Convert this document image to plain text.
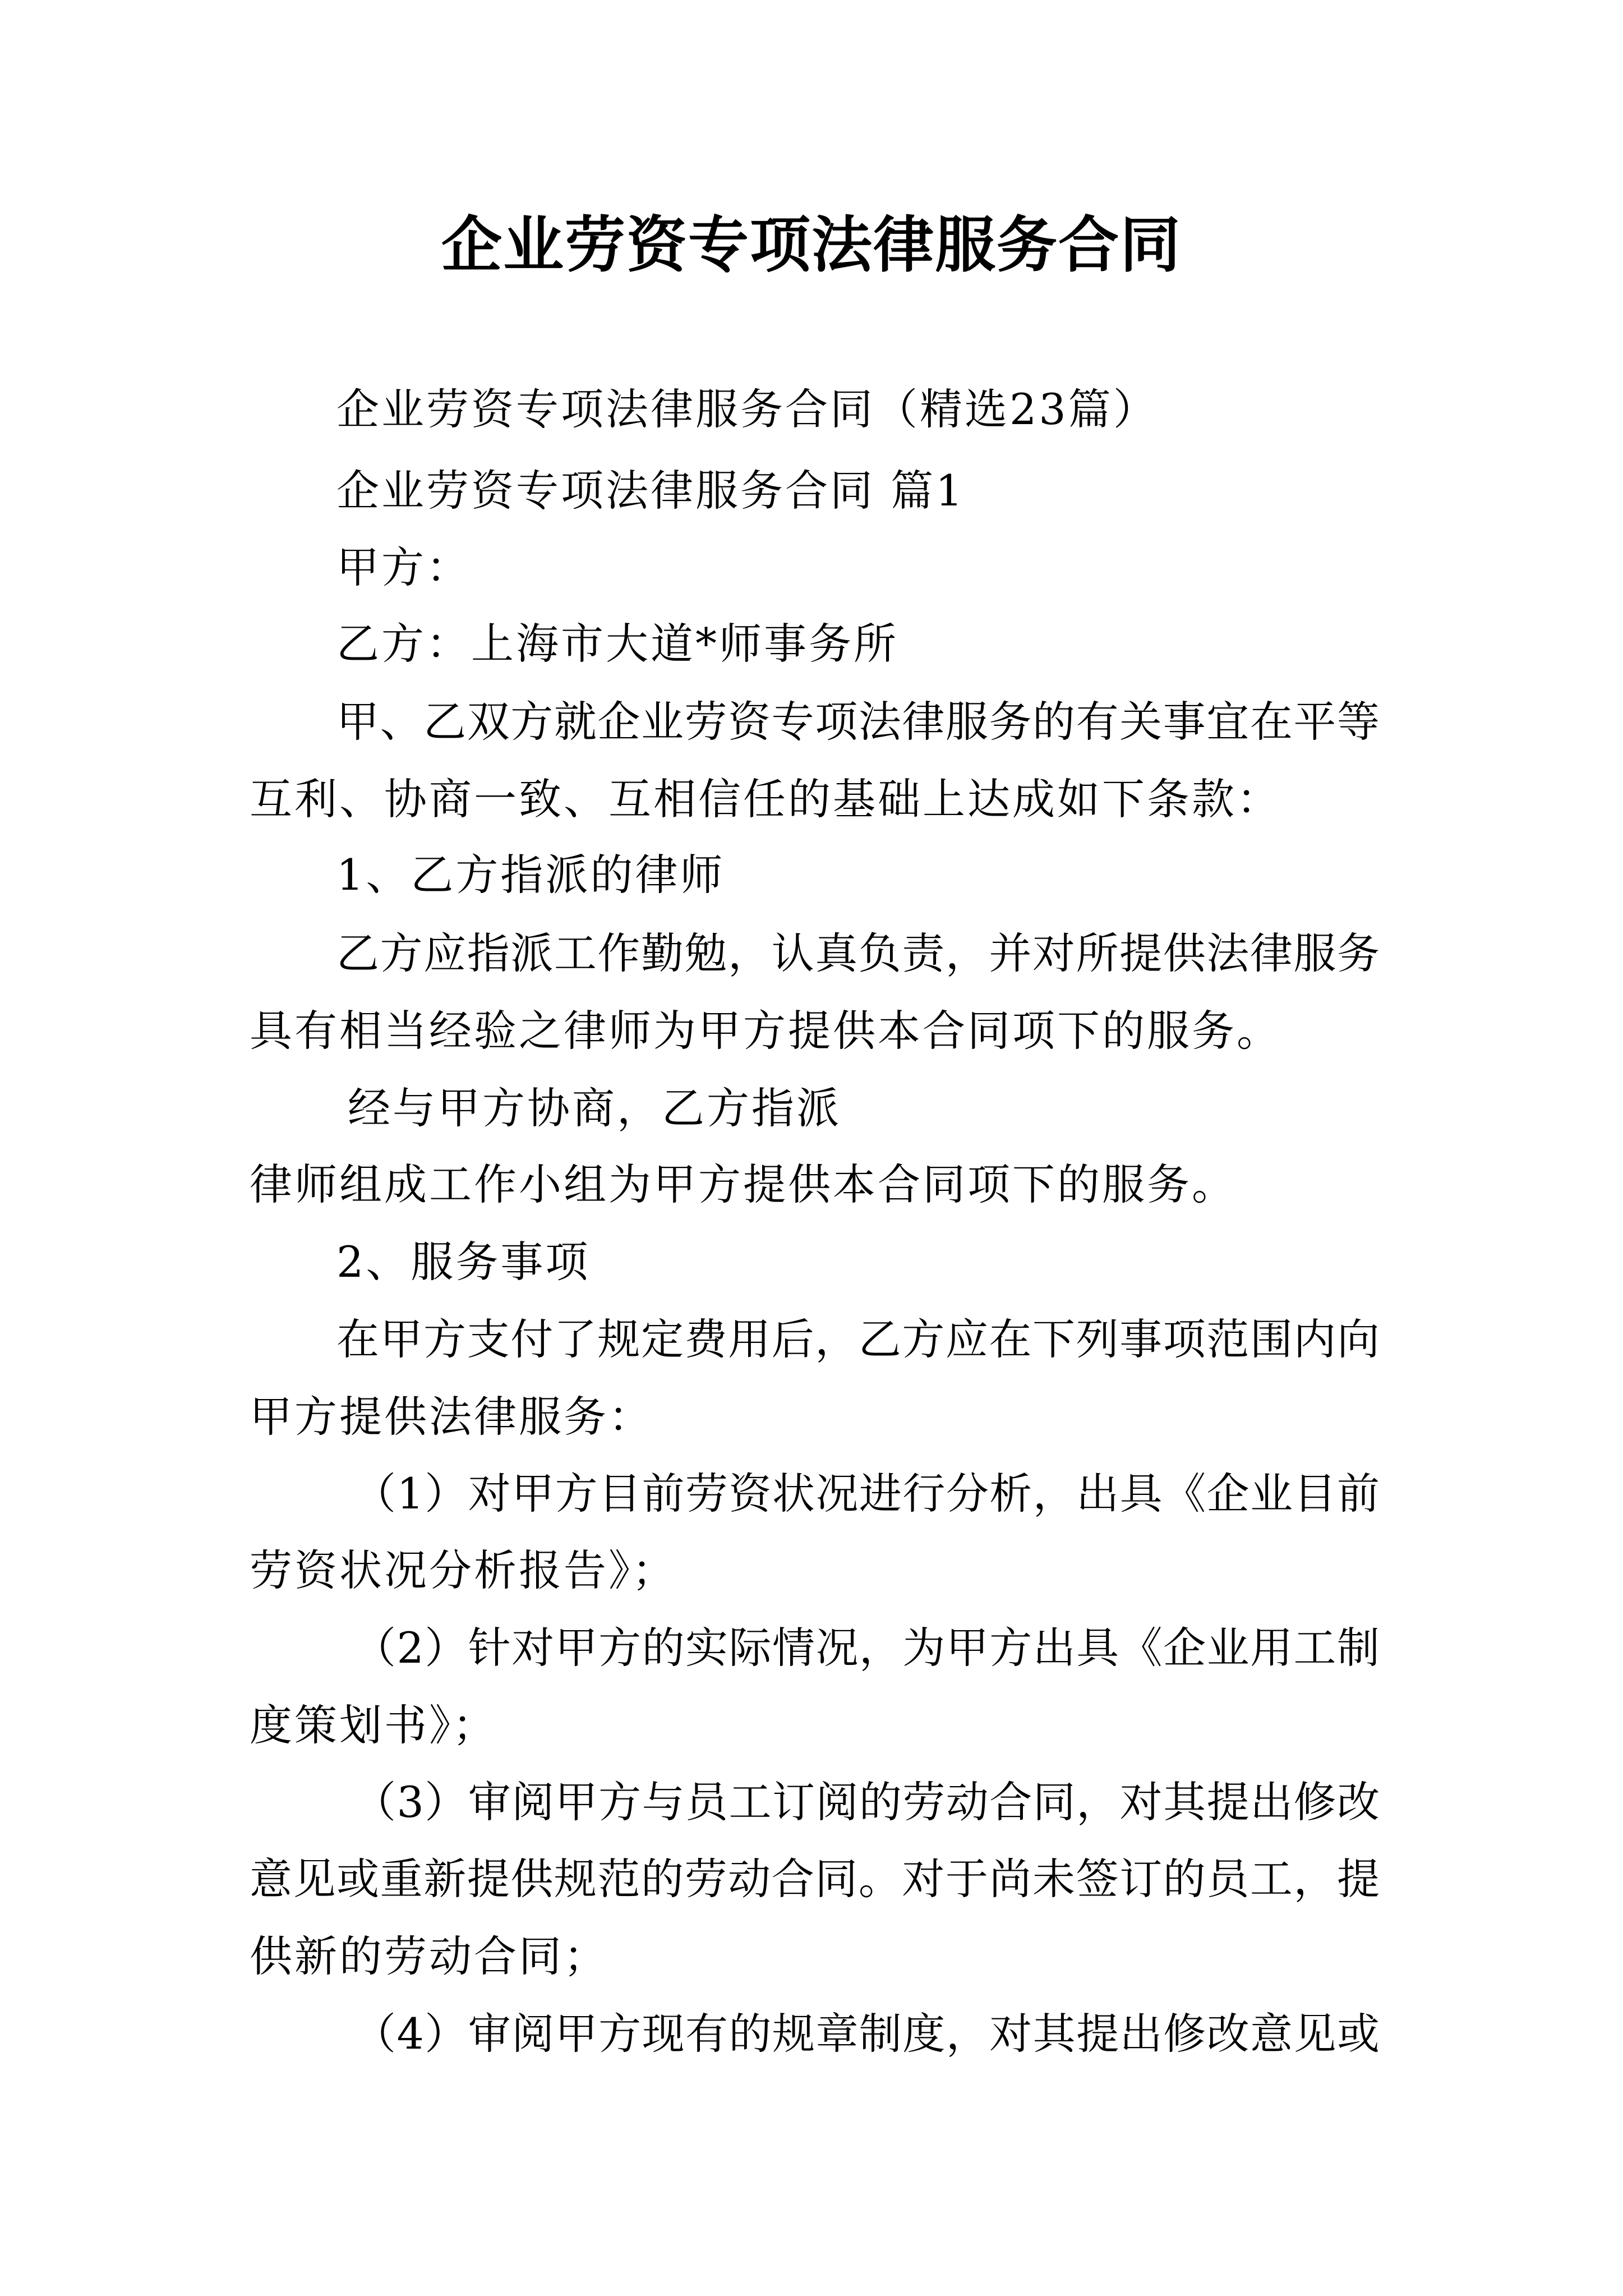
企业劳资专项法律服务合同
企业劳资专项法律服务合同（精选23篇）
企业劳资专项法律服务合同 篇1
甲方：
乙方：上海市大道*师事务所
甲、乙双方就企业劳资专项法律服务的有关事宜在平等
互利、协商一致、互相信任的基础上达成如下条款：
1、乙方指派的律师
乙方应指派工作勤勉，认真负责，并对所提供法律服务
具有相当经验之律师为甲方提供本合同项下的服务。
经与甲方协商，乙方指派
律师组成工作小组为甲方提供本合同项下的服务。
2、服务事项
在甲方支付了规定费用后，乙方应在下列事项范围内向
甲方提供法律服务：
（1）对甲方目前劳资状况进行分析，出具《企业目前
劳资状况分析报告》；
（2）针对甲方的实际情况，为甲方出具《企业用工制
度策划书》；
（3）审阅甲方与员工订阅的劳动合同，对其提出修改
意见或重新提供规范的劳动合同。对于尚未签订的员工，提
供新的劳动合同；
（4）审阅甲方现有的规章制度，对其提出修改意见或
